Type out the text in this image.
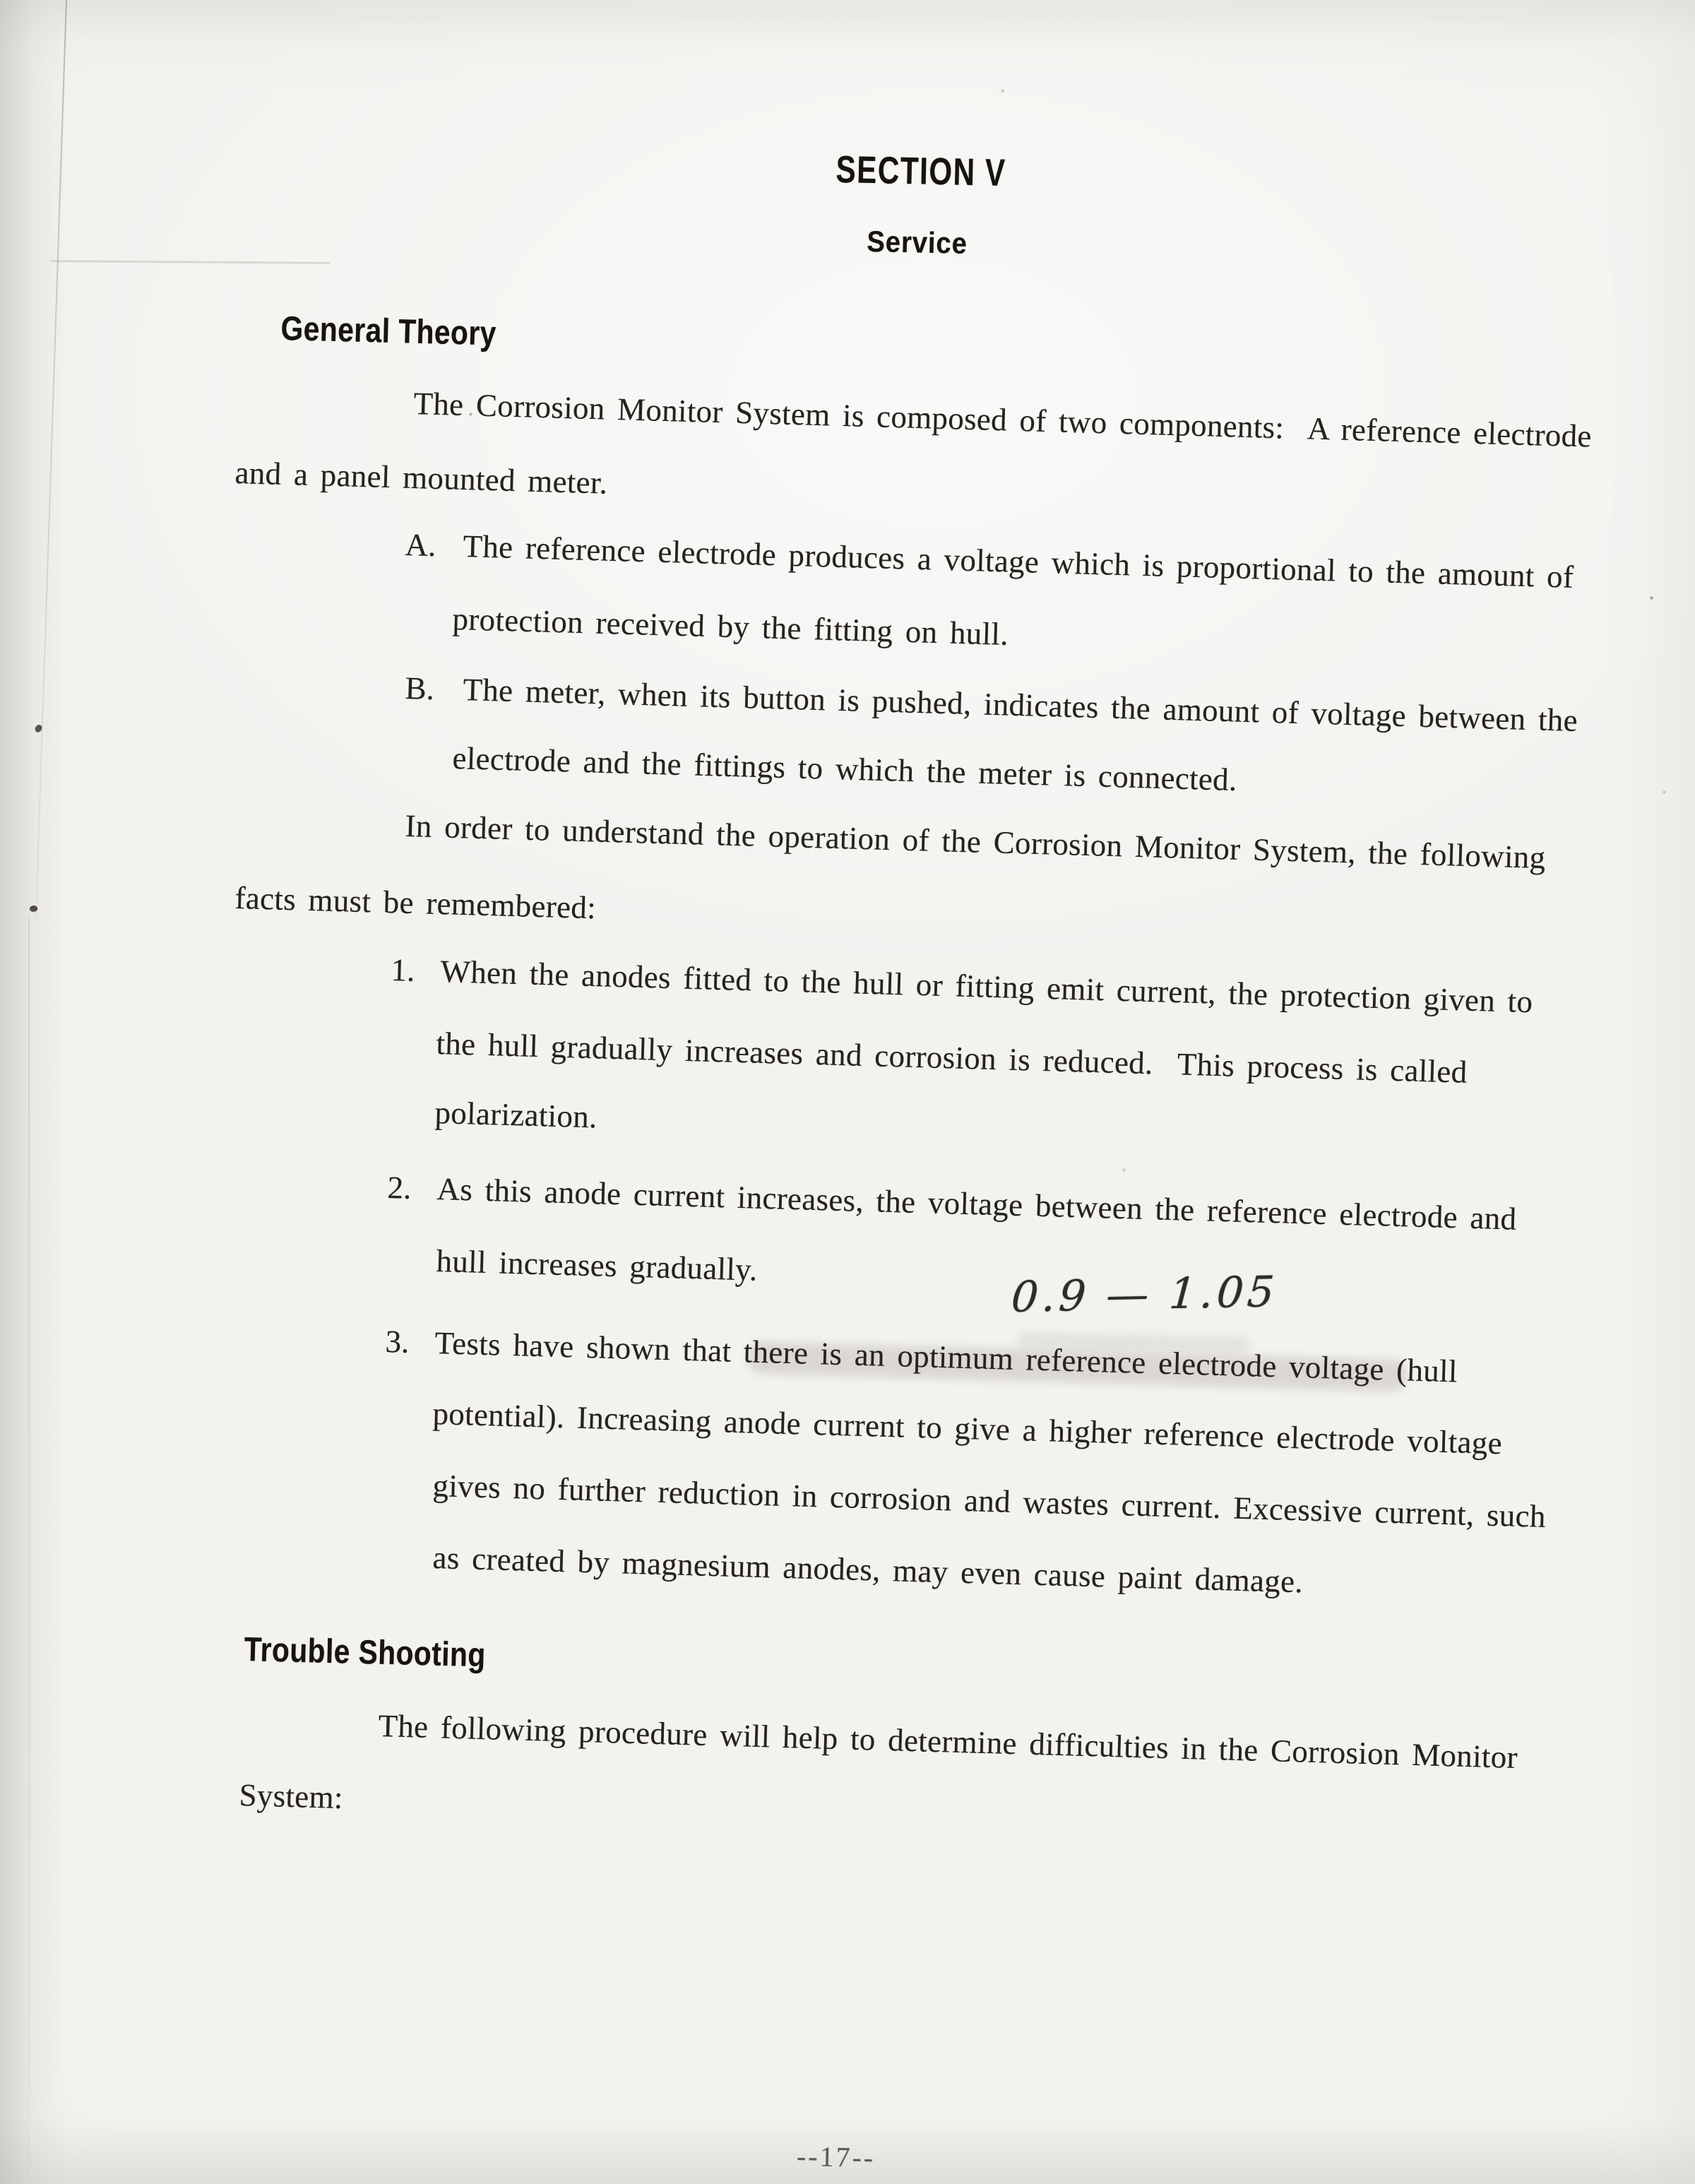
SECTION V
Service
General Theory
The Corrosion Monitor System is composed of two components:  A reference electrode
and a panel mounted meter.
A. The reference electrode produces a voltage which is proportional to the amount of
protection received by the fitting on hull.
B. The meter, when its button is pushed, indicates the amount of voltage between the
electrode and the fittings to which the meter is connected.
In order to understand the operation of the Corrosion Monitor System, the following
facts must be remembered:
1. When the anodes fitted to the hull or fitting emit current, the protection given to
the hull gradually increases and corrosion is reduced.  This process is called
polarization.
2. As this anode current increases, the voltage between the reference electrode and
hull increases gradually.
0.9 — 1.05
3. Tests have shown that there is an optimum reference electrode voltage (hull
potential). Increasing anode current to give a higher reference electrode voltage
gives no further reduction in corrosion and wastes current. Excessive current, such
as created by magnesium anodes, may even cause paint damage.
Trouble Shooting
The following procedure will help to determine difficulties in the Corrosion Monitor
System:
--17--
